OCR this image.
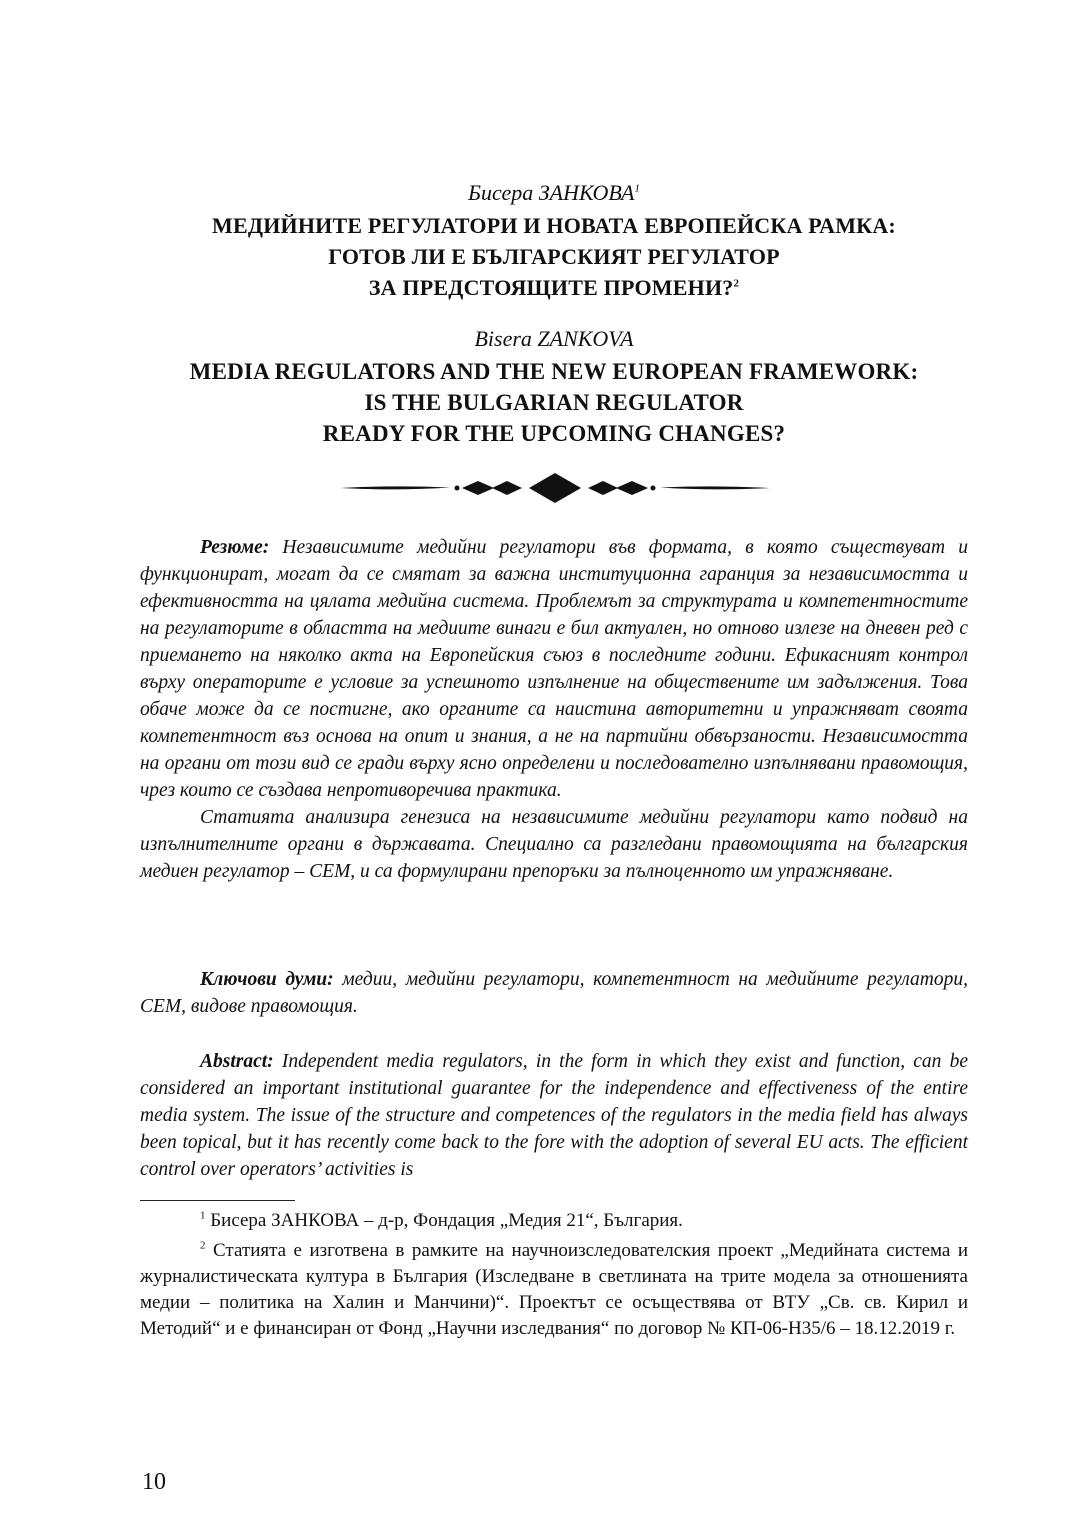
Бисера ЗАНКОВА$^1$

МЕДИЙНИТЕ РЕГУЛАТОРИ И НОВАТА ЕВРОПЕЙСКА РАМКА:

ГОТОВ ЛИ Е БЪЛГАРСКИЯТ РЕГУЛАТОР

ЗА ПРЕДСТОЯЩИТЕ ПРОМЕНИ?$^2$

Bisera ZANKOVA

MEDIA REGULATORS AND THE NEW EUROPEAN FRAMEWORK:

IS THE BULGARIAN REGULATOR

READY FOR THE UPCOMING CHANGES?

Резюме: Независимите медийни регулатори във формата, в която съществуват и функционират, могат да се смятат за важна институционна гаранция за независимостта и ефективността на цялата медийна система. Проблемът за структурата и компетентностите на регулаторите в областта на медиите винаги е бил актуален, но отново излезе на дневен ред с приемането на няколко акта на Европейския съюз в последните години. Ефикасният контрол върху операторите е условие за успешното изпълнение на обществените им задължения. Това обаче може да се постигне, ако органите са наистина авторитетни и упражняват своята компетентност въз основа на опит и знания, а не на партийни обвързаности. Независимостта на органи от този вид се гради върху ясно определени и последователно изпълнявани правомощия, чрез които се създава непротиворечива практика.

Статията анализира генезиса на независимите медийни регулатори като подвид на изпълнителните органи в държавата. Специално са разгледани правомощията на българския медиен регулатор – СЕМ, и са формулирани препоръки за пълноценното им упражняване.

Ключови думи: медии, медийни регулатори, компетентност на медийните регулатори, СЕМ, видове правомощия.

Abstract: Independent media regulators, in the form in which they exist and function, can be considered an important institutional guarantee for the independence and effectiveness of the entire media system. The issue of the structure and competences of the regulators in the media field has always been topical, but it has recently come back to the fore with the adoption of several EU acts. The efficient control over operators’ activities is

$^1$ Бисера ЗАНКОВА – д-р, Фондация „Медия 21“, България.

$^2$ Статията е изготвена в рамките на научноизследователския проект „Медийната система и журналистическата култура в България (Изследване в светлината на трите модела за отношенията медии – политика на Халин и Манчини)“. Проектът се осъществява от ВТУ „Св. св. Кирил и Методий“ и е финансиран от Фонд „Научни изследвания“ по договор № КП-06-Н35/6 – 18.12.2019 г.

10
